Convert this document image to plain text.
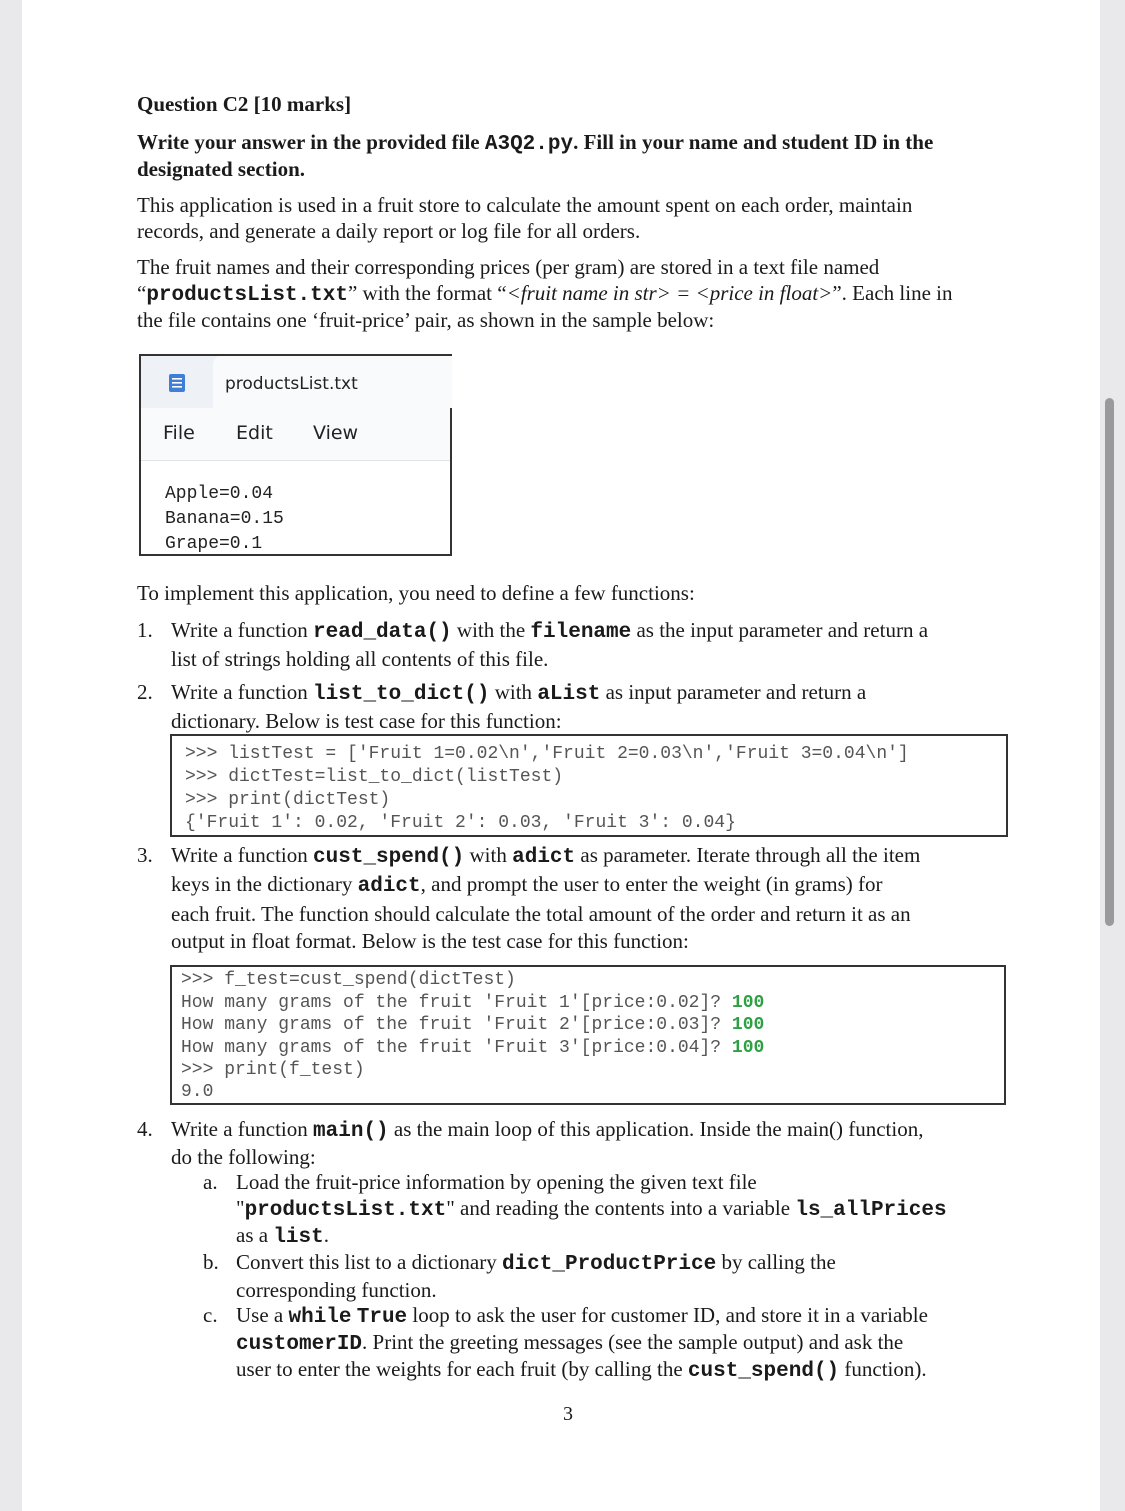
Question C2 [10 marks]
Write your answer in the provided file A3Q2.py. Fill in your name and student ID in the
designated section.
This application is used in a fruit store to calculate the amount spent on each order, maintain
records, and generate a daily report or log file for all orders.
The fruit names and their corresponding prices (per gram) are stored in a text file named
“productsList.txt” with the format “<fruit name in str> = <price in float>”. Each line in
the file contains one ‘fruit-price’ pair, as shown in the sample below:
productsList.txt
File Edit View
Apple=0.04
Banana=0.15
Grape=0.1
To implement this application, you need to define a few functions:
1. Write a function read_data() with the filename as the input parameter and return a
list of strings holding all contents of this file.
2. Write a function list_to_dict() with aList as input parameter and return a
dictionary. Below is test case for this function:
>>> listTest = ['Fruit 1=0.02\n','Fruit 2=0.03\n','Fruit 3=0.04\n']
>>> dictTest=list_to_dict(listTest)
>>> print(dictTest)
{'Fruit 1': 0.02, 'Fruit 2': 0.03, 'Fruit 3': 0.04}
3. Write a function cust_spend() with adict as parameter. Iterate through all the item
keys in the dictionary adict, and prompt the user to enter the weight (in grams) for
each fruit. The function should calculate the total amount of the order and return it as an
output in float format. Below is the test case for this function:
>>> f_test=cust_spend(dictTest)
How many grams of the fruit 'Fruit 1'[price:0.02]? 100
How many grams of the fruit 'Fruit 2'[price:0.03]? 100
How many grams of the fruit 'Fruit 3'[price:0.04]? 100
>>> print(f_test)
9.0
4. Write a function main() as the main loop of this application. Inside the main() function,
do the following:
a. Load the fruit-price information by opening the given text file
"productsList.txt" and reading the contents into a variable ls_allPrices
as a list.
b. Convert this list to a dictionary dict_ProductPrice by calling the
corresponding function.
c. Use a while True loop to ask the user for customer ID, and store it in a variable
customerID. Print the greeting messages (see the sample output) and ask the
user to enter the weights for each fruit (by calling the cust_spend() function).
3
